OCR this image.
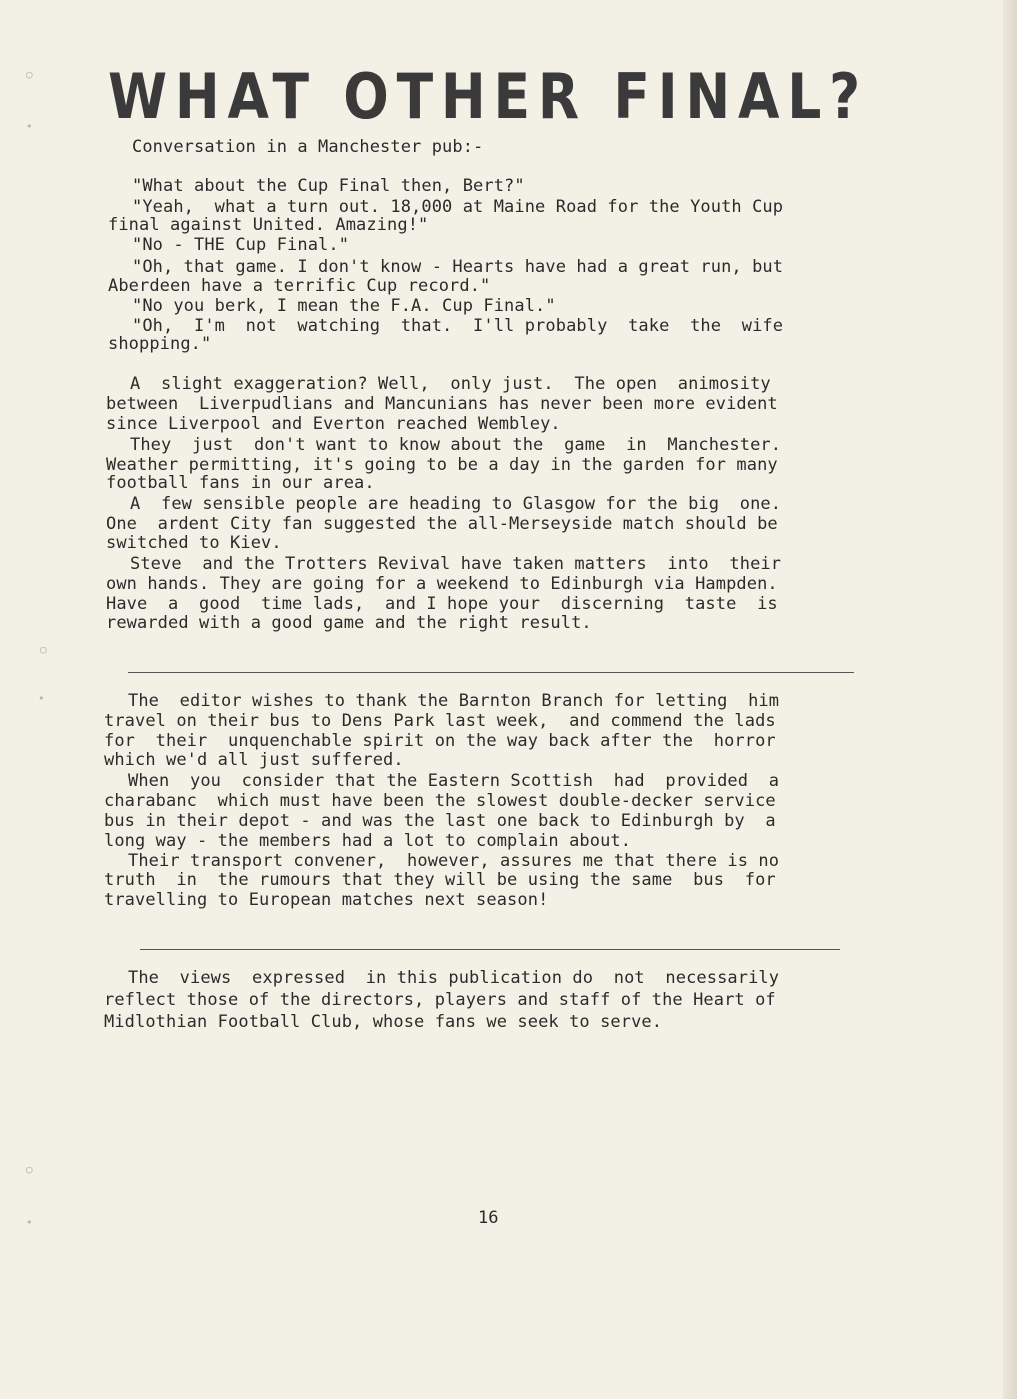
○
•
○
•
○
•
WHAT OTHER FINAL?
Conversation in a Manchester pub:-
"What about the Cup Final then, Bert?"
"Yeah,  what a turn out. 18,000 at Maine Road for the Youth Cup
final against United. Amazing!"
"No - THE Cup Final."
"Oh, that game. I don't know - Hearts have had a great run, but
Aberdeen have a terrific Cup record."
"No you berk, I mean the F.A. Cup Final."
"Oh,  I'm  not  watching  that.  I'll probably  take  the  wife
shopping."
A  slight exaggeration? Well,  only just.  The open  animosity
between  Liverpudlians and Mancunians has never been more evident
since Liverpool and Everton reached Wembley.
They  just  don't want to know about the  game  in  Manchester.
Weather permitting, it's going to be a day in the garden for many
football fans in our area.
A  few sensible people are heading to Glasgow for the big  one.
One  ardent City fan suggested the all-Merseyside match should be
switched to Kiev.
Steve  and the Trotters Revival have taken matters  into  their
own hands. They are going for a weekend to Edinburgh via Hampden.
Have  a  good  time lads,  and I hope your  discerning  taste  is
rewarded with a good game and the right result.
The  editor wishes to thank the Barnton Branch for letting  him
travel on their bus to Dens Park last week,  and commend the lads
for  their  unquenchable spirit on the way back after the  horror
which we'd all just suffered.
When  you  consider that the Eastern Scottish  had  provided  a
charabanc  which must have been the slowest double-decker service
bus in their depot - and was the last one back to Edinburgh by  a
long way - the members had a lot to complain about.
Their transport convener,  however, assures me that there is no
truth  in  the rumours that they will be using the same  bus  for
travelling to European matches next season!
The  views  expressed  in this publication do  not  necessarily
reflect those of the directors, players and staff of the Heart of
Midlothian Football Club, whose fans we seek to serve.
16
